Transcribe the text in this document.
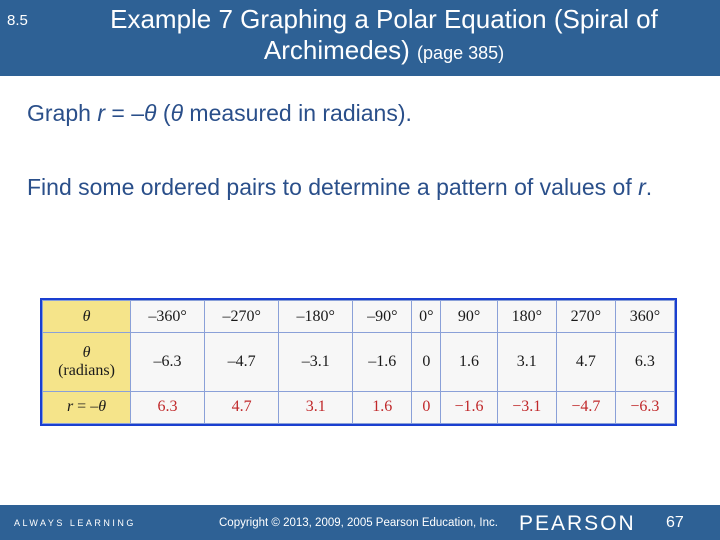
8.5	Example 7 Graphing a Polar Equation (Spiral of Archimedes) (page 385)
Graph r = –θ (θ measured in radians).
Find some ordered pairs to determine a pattern of values of r.
θ	–360°	–270°	–180°	–90°	0°	90°	180°	270°	360°
θ
(radians)	–6.3	–4.7	–3.1	–1.6	0	1.6	3.1	4.7	6.3
r = –θ	6.3	4.7	3.1	1.6	0	−1.6	−3.1	−4.7	−6.3
ALWAYS LEARNING	Copyright © 2013, 2009, 2005 Pearson Education, Inc. PEARSON 67
